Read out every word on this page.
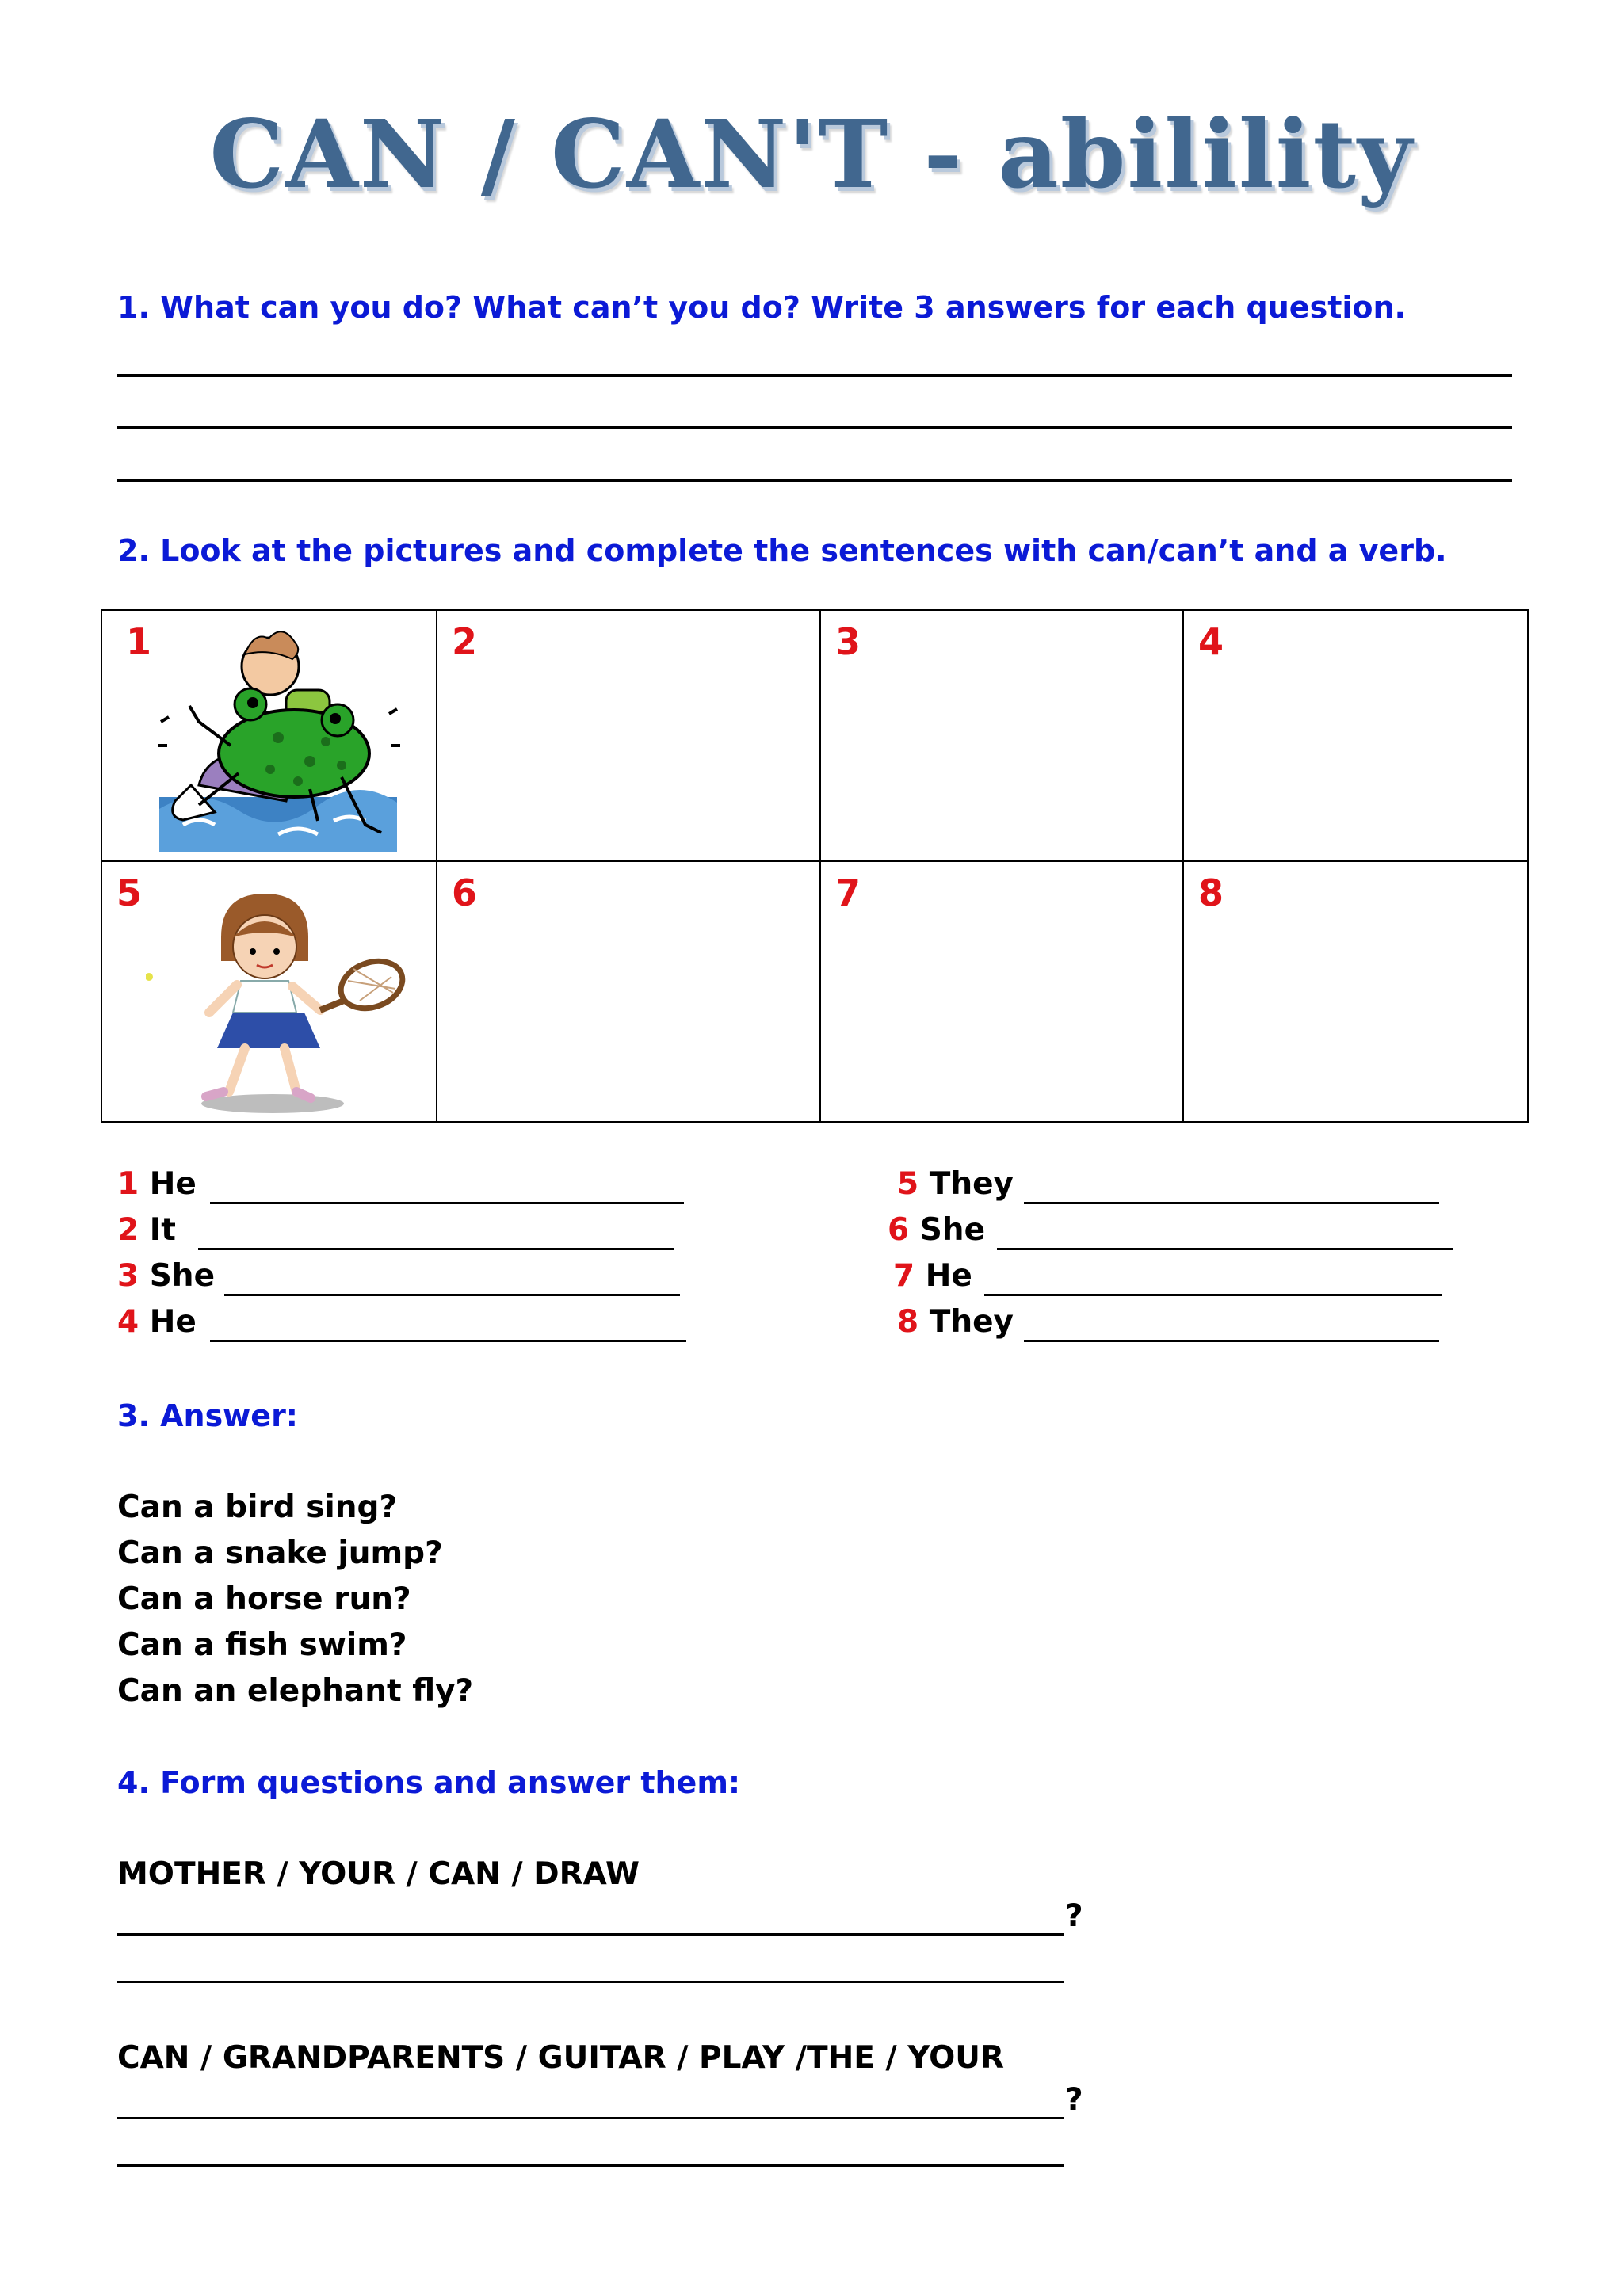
CAN / CAN'T - abilility
1. What can you do? What can’t you do? Write 3 answers for each question.
2. Look at the pictures and complete the sentences with can/can’t and a verb.
1	2	3	4
5	6	7	8
1 He
2 It
3 She
4 He
5 They
6 She
7 He
8 They
3. Answer:
Can a bird sing?
Can a snake jump?
Can a horse run?
Can a fish swim?
Can an elephant fly?
4. Form questions and answer them:
MOTHER / YOUR / CAN / DRAW
?
CAN / GRANDPARENTS / GUITAR / PLAY /THE / YOUR
?
